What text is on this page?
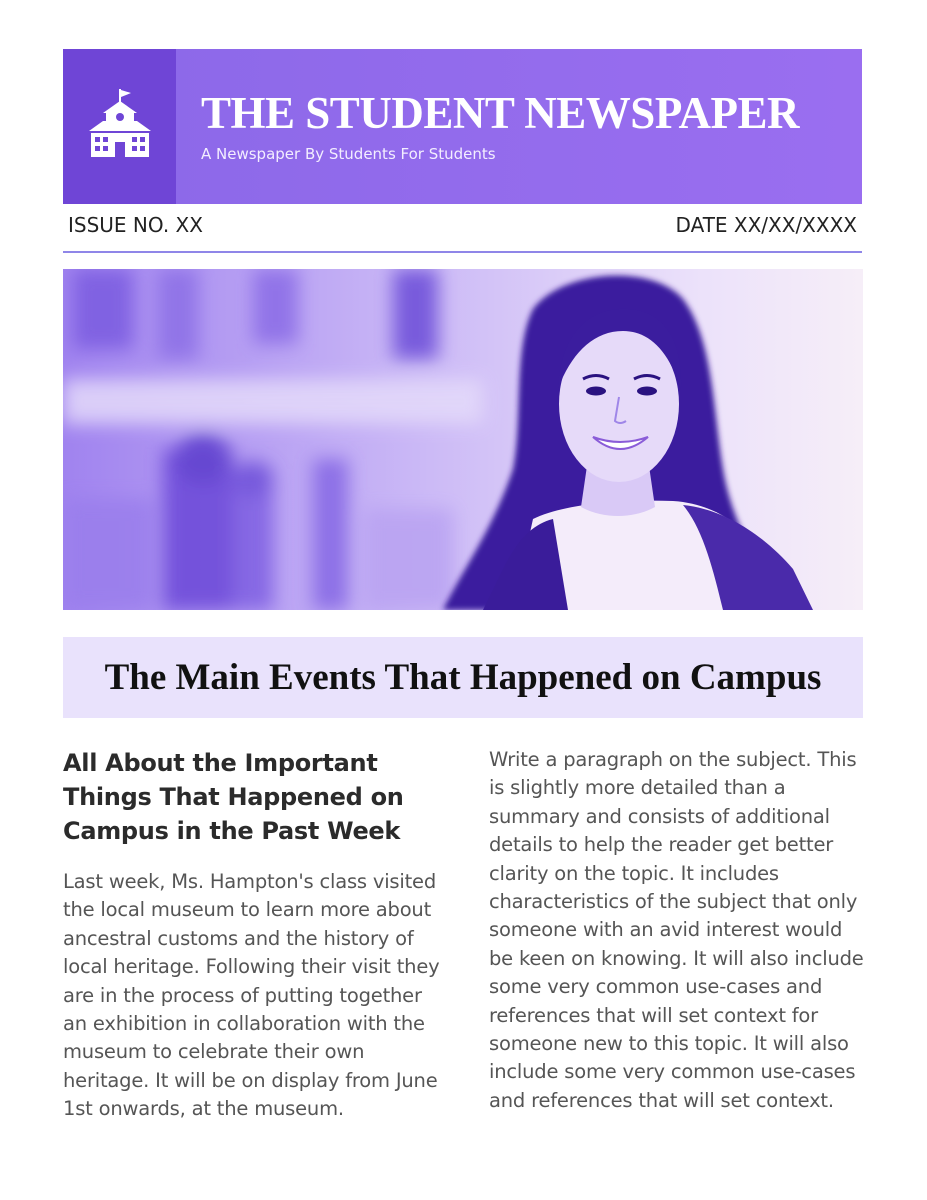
THE STUDENT NEWSPAPER
A Newspaper By Students For Students
ISSUE NO. XX	DATE XX/XX/XXXX
The Main Events That Happened on Campus
All About the Important Things That Happened on Campus in the Past Week
Last week, Ms. Hampton's class visited the local museum to learn more about ancestral customs and the history of local heritage. Following their visit they are in the process of putting together an exhibition in collaboration with the museum to celebrate their own heritage. It will be on display from June 1st onwards, at the museum.
Write a paragraph on the subject. This is slightly more detailed than a summary and consists of additional details to help the reader get better clarity on the topic. It includes characteristics of the subject that only someone with an avid interest would be keen on knowing. It will also include some very common use-cases and references that will set context for someone new to this topic. It will also include some very common use-cases and references that will set context.
